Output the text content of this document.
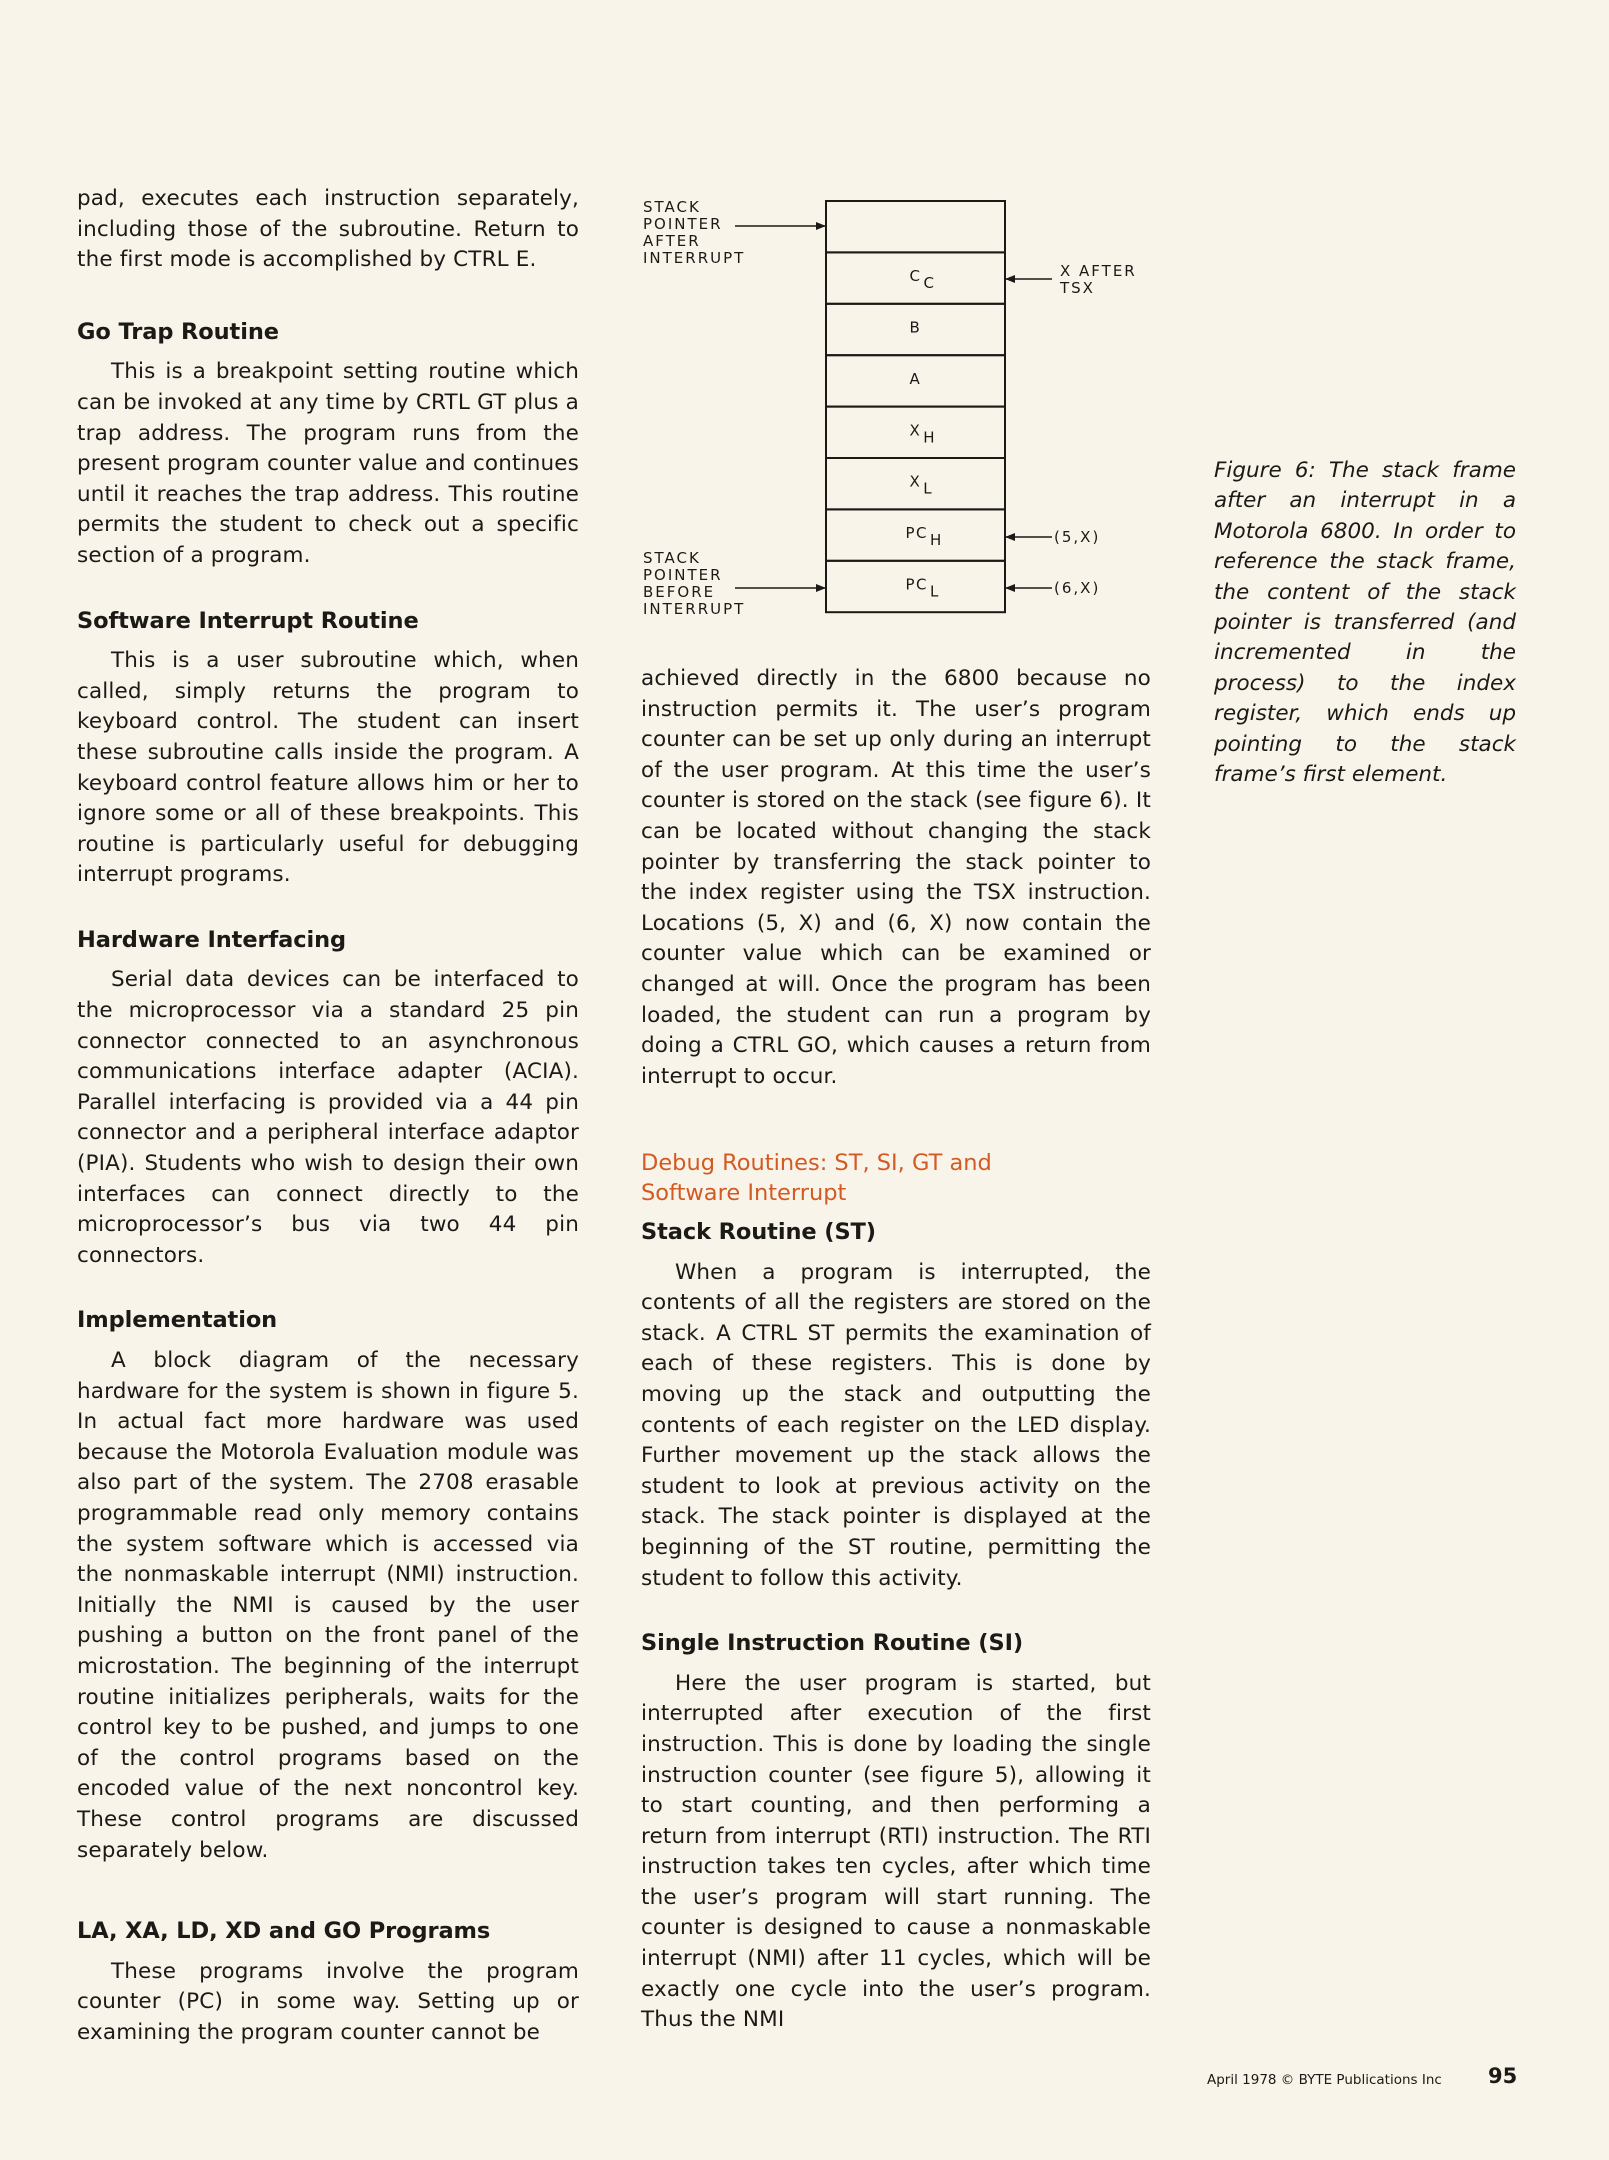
pad, executes each instruction separately, including those of the subroutine. Return to the first mode is accomplished by CTRL E.

Go Trap Routine

This is a breakpoint setting routine which can be invoked at any time by CRTL GT plus a trap address. The program runs from the present program counter value and continues until it reaches the trap address. This routine permits the student to check out a specific section of a program.

Software Interrupt Routine

This is a user subroutine which, when called, simply returns the program to keyboard control. The student can insert these subroutine calls inside the program. A keyboard control feature allows him or her to ignore some or all of these breakpoints. This routine is particularly useful for debugging interrupt programs.

Hardware Interfacing

Serial data devices can be interfaced to the microprocessor via a standard 25 pin connector connected to an asynchronous communications interface adapter (ACIA). Parallel interfacing is provided via a 44 pin connector and a peripheral interface adaptor (PIA). Students who wish to design their own interfaces can connect directly to the microprocessor’s bus via two 44 pin connectors.

Implementation

A block diagram of the necessary hardware for the system is shown in figure 5. In actual fact more hardware was used because the Motorola Evaluation module was also part of the system. The 2708 erasable programmable read only memory contains the system software which is accessed via the nonmaskable interrupt (NMI) instruction. Initially the NMI is caused by the user pushing a button on the front panel of the microstation. The beginning of the interrupt routine initializes peripherals, waits for the control key to be pushed, and jumps to one of the control programs based on the encoded value of the next noncontrol key. These control programs are discussed separately below.

LA, XA, LD, XD and GO Programs

These programs involve the program counter (PC) in some way. Setting up or examining the program counter cannot be

C C
B
A
X H
X L
PC H
PC L
STACK
POINTER
AFTER
INTERRUPT
STACK
POINTER
BEFORE
INTERRUPT
X AFTER
TSX
(5,X)
(6,X)

Figure 6: The stack frame after an interrupt in a Motorola 6800. In order to reference the stack frame, the content of the stack pointer is transferred (and incremented in the process) to the index register, which ends up pointing to the stack frame’s first element.

achieved directly in the 6800 because no instruction permits it. The user’s program counter can be set up only during an interrupt of the user program. At this time the user’s counter is stored on the stack (see figure 6). It can be located without changing the stack pointer by transferring the stack pointer to the index register using the TSX instruction. Locations (5, X) and (6, X) now contain the counter value which can be examined or changed at will. Once the program has been loaded, the student can run a program by doing a CTRL GO, which causes a return from interrupt to occur.

Debug Routines: ST, SI, GT and
Software Interrupt
Stack Routine (ST)

When a program is interrupted, the contents of all the registers are stored on the stack. A CTRL ST permits the examination of each of these registers. This is done by moving up the stack and outputting the contents of each register on the LED display. Further movement up the stack allows the student to look at previous activity on the stack. The stack pointer is displayed at the beginning of the ST routine, permitting the student to follow this activity.

Single Instruction Routine (SI)

Here the user program is started, but interrupted after execution of the first instruction. This is done by loading the single instruction counter (see figure 5), allowing it to start counting, and then performing a return from interrupt (RTI) instruction. The RTI instruction takes ten cycles, after which time the user’s program will start running. The counter is designed to cause a nonmaskable interrupt (NMI) after 11 cycles, which will be exactly one cycle into the user’s program. Thus the NMI

April 1978 © BYTE Publications Inc 95
